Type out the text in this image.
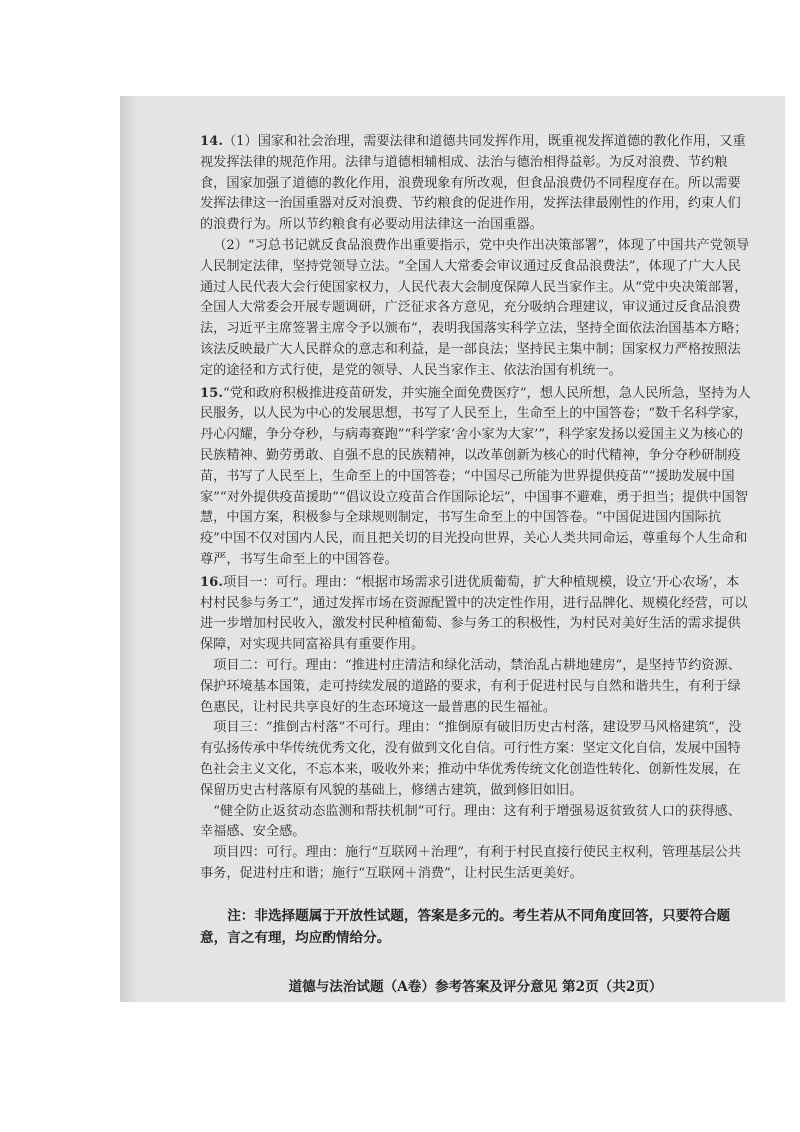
14.（1）国家和社会治理，需要法律和道德共同发挥作用，既重视发挥道德的教化作用，又重视发挥法律的规范作用。法律与道德相辅相成、法治与德治相得益彰。为反对浪费、节约粮食，国家加强了道德的教化作用，浪费现象有所改观，但食品浪费仍不同程度存在。所以需要发挥法律这一治国重器对反对浪费、节约粮食的促进作用，发挥法律最刚性的作用，约束人们的浪费行为。所以节约粮食有必要动用法律这一治国重器。

（2）“习总书记就反食品浪费作出重要指示，党中央作出决策部署”，体现了中国共产党领导人民制定法律，坚持党领导立法。“全国人大常委会审议通过反食品浪费法”，体现了广大人民通过人民代表大会行使国家权力，人民代表大会制度保障人民当家作主。从“党中央决策部署，全国人大常委会开展专题调研，广泛征求各方意见，充分吸纳合理建议，审议通过反食品浪费法，习近平主席签署主席令予以颁布”，表明我国落实科学立法，坚持全面依法治国基本方略；该法反映最广大人民群众的意志和利益，是一部良法；坚持民主集中制；国家权力严格按照法定的途径和方式行使，是党的领导、人民当家作主、依法治国有机统一。

15.“党和政府积极推进疫苗研发，并实施全面免费医疗”，想人民所想，急人民所急，坚持为人民服务，以人民为中心的发展思想，书写了人民至上，生命至上的中国答卷；“数千名科学家，丹心闪耀，争分夺秒，与病毒赛跑”“科学家‘舍小家为大家’”，科学家发扬以爱国主义为核心的民族精神、勤劳勇敢、自强不息的民族精神，以改革创新为核心的时代精神，争分夺秒研制疫苗，书写了人民至上，生命至上的中国答卷；“中国尽己所能为世界提供疫苗”“援助发展中国家”“对外提供疫苗援助”“倡议设立疫苗合作国际论坛”，中国事不避难，勇于担当；提供中国智慧，中国方案，积极参与全球规则制定，书写生命至上的中国答卷。“中国促进国内国际抗疫”中国不仅对国内人民，而且把关切的目光投向世界，关心人类共同命运，尊重每个人生命和尊严，书写生命至上的中国答卷。

16.项目一：可行。理由：“根据市场需求引进优质葡萄，扩大种植规模，设立‘开心农场’，本村村民参与务工”，通过发挥市场在资源配置中的决定性作用，进行品牌化、规模化经营，可以进一步增加村民收入，激发村民种植葡萄、参与务工的积极性，为村民对美好生活的需求提供保障，对实现共同富裕具有重要作用。

项目二：可行。理由：“推进村庄清洁和绿化活动，禁治乱占耕地建房”，是坚持节约资源、保护环境基本国策，走可持续发展的道路的要求，有利于促进村民与自然和谐共生，有利于绿色惠民，让村民共享良好的生态环境这一最普惠的民生福祉。

项目三：“推倒古村落”不可行。理由：“推倒原有破旧历史古村落，建设罗马风格建筑”，没有弘扬传承中华传统优秀文化，没有做到文化自信。可行性方案：坚定文化自信，发展中国特色社会主义文化，不忘本来，吸收外来；推动中华优秀传统文化创造性转化、创新性发展，在保留历史古村落原有风貌的基础上，修缮古建筑，做到修旧如旧。

“健全防止返贫动态监测和帮扶机制”可行。理由：这有利于增强易返贫致贫人口的获得感、幸福感、安全感。

项目四：可行。理由：施行“互联网＋治理”，有利于村民直接行使民主权利，管理基层公共事务，促进村庄和谐；施行“互联网＋消费”，让村民生活更美好。

注：非选择题属于开放性试题，答案是多元的。考生若从不同角度回答，只要符合题意，言之有理，均应酌情给分。

道德与法治试题（A卷）参考答案及评分意见 第2页（共2页）
